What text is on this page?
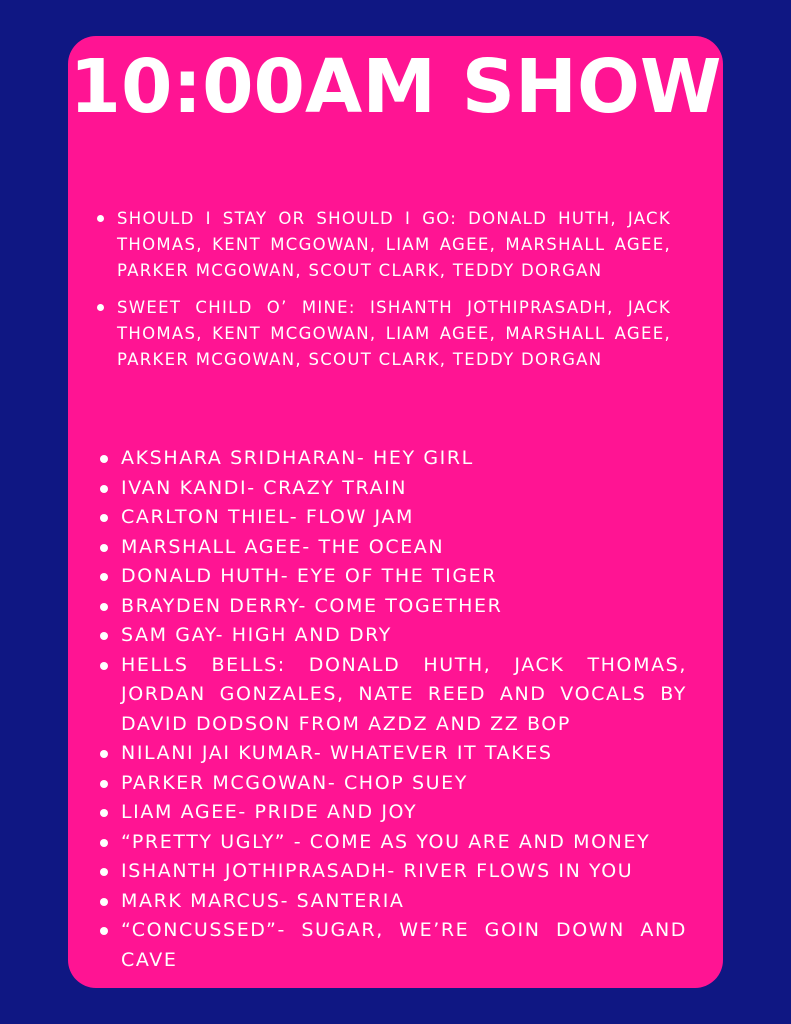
10:00AM SHOW
SHOULD I STAY OR SHOULD I GO: DONALD HUTH, JACK THOMAS, KENT MCGOWAN, LIAM AGEE, MARSHALL AGEE, PARKER MCGOWAN, SCOUT CLARK, TEDDY DORGAN
SWEET CHILD O’ MINE: ISHANTH JOTHIPRASADH, JACK THOMAS, KENT MCGOWAN, LIAM AGEE, MARSHALL AGEE, PARKER MCGOWAN, SCOUT CLARK, TEDDY DORGAN
AKSHARA SRIDHARAN- HEY GIRL
IVAN KANDI- CRAZY TRAIN
CARLTON THIEL- FLOW JAM
MARSHALL AGEE- THE OCEAN
DONALD HUTH- EYE OF THE TIGER
BRAYDEN DERRY- COME TOGETHER
SAM GAY- HIGH AND DRY
HELLS BELLS: DONALD HUTH, JACK THOMAS, JORDAN GONZALES, NATE REED AND VOCALS BY DAVID DODSON FROM AZDZ AND ZZ BOP
NILANI JAI KUMAR- WHATEVER IT TAKES
PARKER MCGOWAN- CHOP SUEY
LIAM AGEE- PRIDE AND JOY
“PRETTY UGLY” - COME AS YOU ARE AND MONEY
ISHANTH JOTHIPRASADH- RIVER FLOWS IN YOU
MARK MARCUS- SANTERIA
“CONCUSSED”- SUGAR, WE’RE GOIN DOWN AND CAVE
